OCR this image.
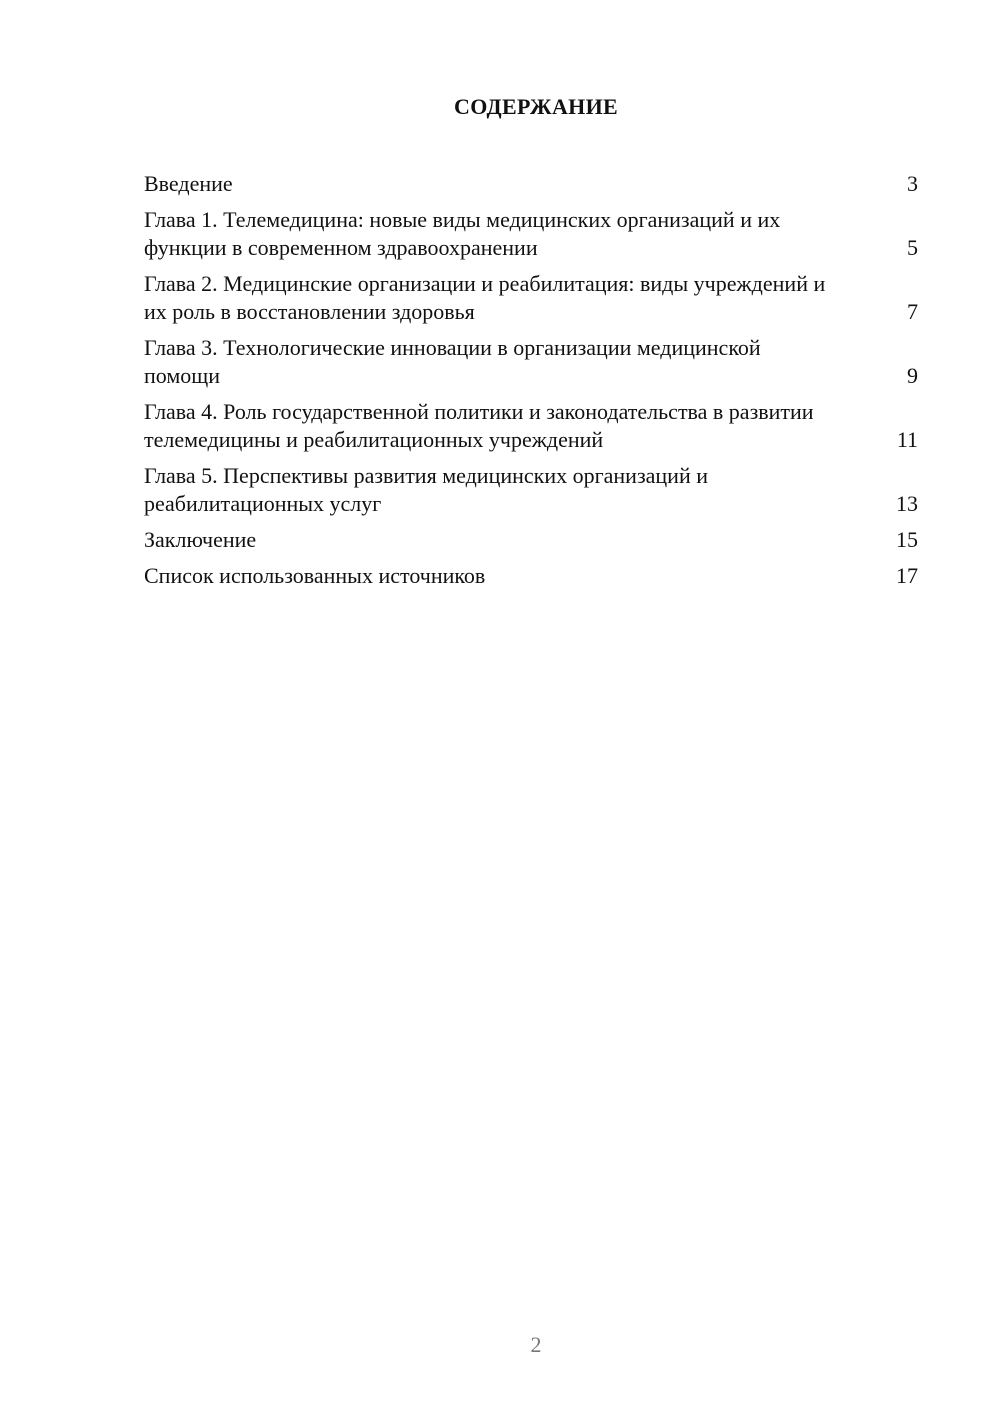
СОДЕРЖАНИЕ
Введение	3
Глава 1. Телемедицина: новые виды медицинских организаций и их функции в современном здравоохранении	5
Глава 2. Медицинские организации и реабилитация: виды учреждений и их роль в восстановлении здоровья	7
Глава 3. Технологические инновации в организации медицинской помощи	9
Глава 4. Роль государственной политики и законодательства в развитии телемедицины и реабилитационных учреждений	11
Глава 5. Перспективы развития медицинских организаций и реабилитационных услуг	13
Заключение	15
Список использованных источников	17
2
